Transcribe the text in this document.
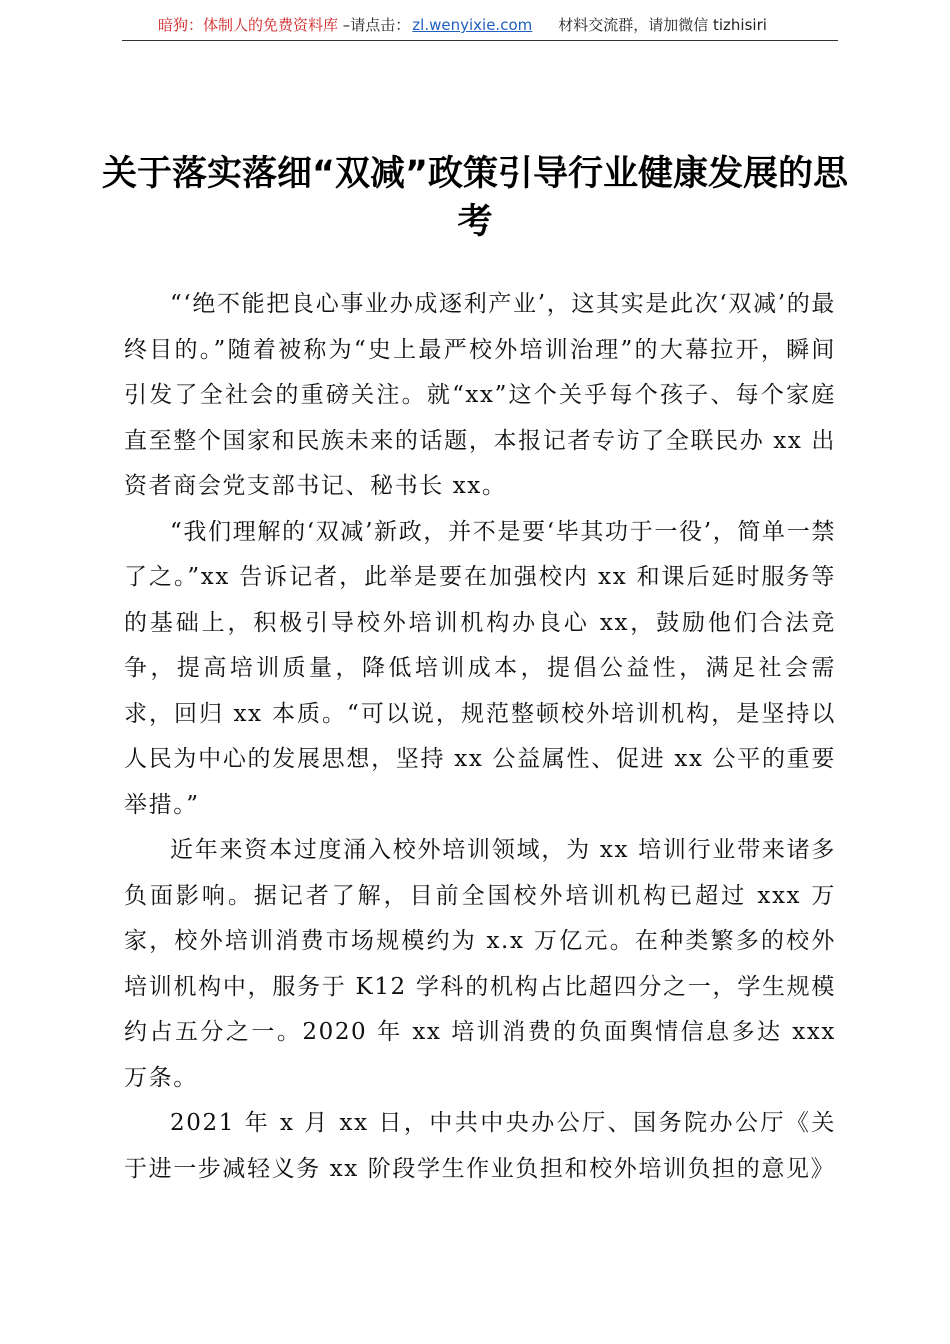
暗狗：体制人的免费资料库 –请点击： zl.wenyixie.com 材料交流群，请加微信 tizhisiri
关于落实落细“双减”政策引导行业健康发展的思考

“‘绝不能把良心事业办成逐利产业’，这其实是此次‘双减’的最终目的。”随着被称为“史上最严校外培训治理”的大幕拉开，瞬间引发了全社会的重磅关注。就“xx”这个关乎每个孩子、每个家庭直至整个国家和民族未来的话题，本报记者专访了全联民办 xx 出资者商会党支部书记、秘书长 xx。

“我们理解的‘双减’新政，并不是要‘毕其功于一役’，简单一禁了之。”xx 告诉记者，此举是要在加强校内 xx 和课后延时服务等的基础上，积极引导校外培训机构办良心 xx，鼓励他们合法竞争，提高培训质量，降低培训成本，提倡公益性，满足社会需求，回归 xx 本质。“可以说，规范整顿校外培训机构，是坚持以人民为中心的发展思想，坚持 xx 公益属性、促进 xx 公平的重要举措。”

近年来资本过度涌入校外培训领域，为 xx 培训行业带来诸多负面影响。据记者了解，目前全国校外培训机构已超过 xxx 万家，校外培训消费市场规模约为 x.x 万亿元。在种类繁多的校外培训机构中，服务于 K12 学科的机构占比超四分之一，学生规模约占五分之一。2020 年 xx 培训消费的负面舆情信息多达 xxx 万条。

2021 年 x 月 xx 日，中共中央办公厅、国务院办公厅《关于进一步减轻义务 xx 阶段学生作业负担和校外培训负担的意见》
